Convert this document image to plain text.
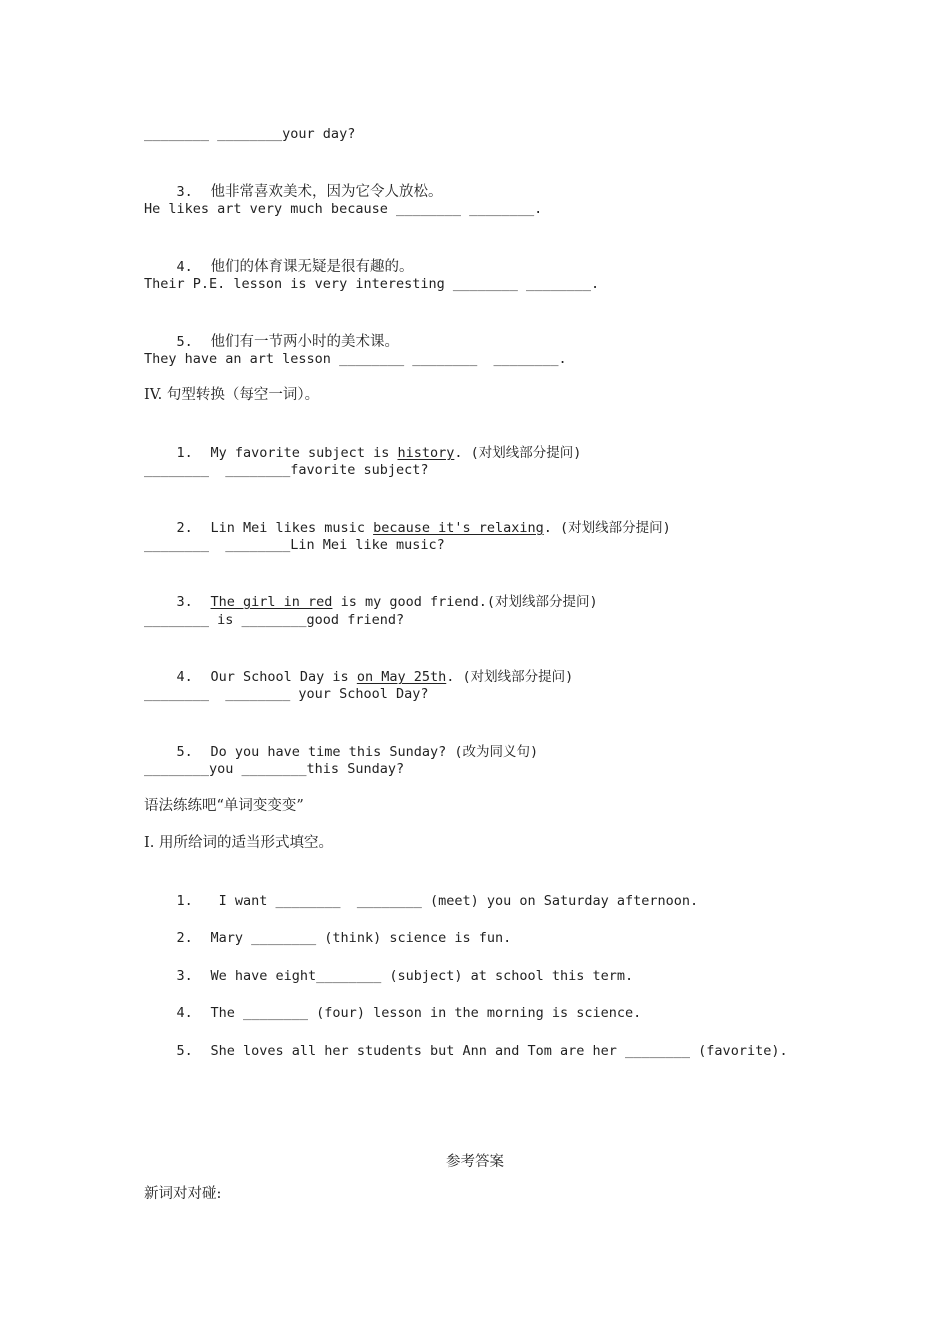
________ ________your day?

3. 他非常喜欢美术，因为它令人放松。

He likes art very much because ________ ________.

4. 他们的体育课无疑是很有趣的。

Their P.E. lesson is very interesting ________ ________.

5. 他们有一节两小时的美术课。

They have an art lesson ________ ________  ________.
IV. 句型转换（每空一词）。

1. My favorite subject is history. (对划线部分提问)

________  ________favorite subject?

2. Lin Mei likes music because it's relaxing. (对划线部分提问)

________  ________Lin Mei like music?

3. The girl in red is my good friend.(对划线部分提问)

________ is ________good friend?

4. Our School Day is on May 25th. (对划线部分提问)

________  ________ your School Day?

5. Do you have time this Sunday? (改为同义句)

________you ________this Sunday?
语法练练吧“单词变变变”
I. 用所给词的适当形式填空。

1. I want ________  ________ (meet) you on Saturday afternoon.

2. Mary ________ (think) science is fun.

3. We have eight________ (subject) at school this term.

4. The ________ (four) lesson in the morning is science.

5. She loves all her students but Ann and Tom are her ________ (favorite).

参考答案
新词对对碰:
